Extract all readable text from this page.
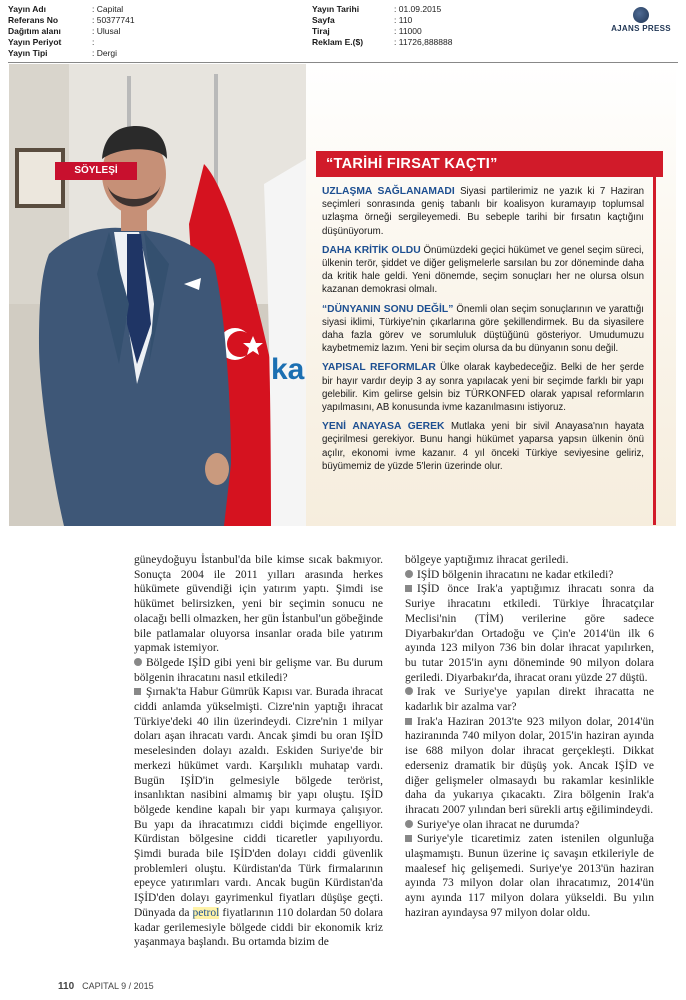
Yayın Adı	: Capital
Referans No	: 50377741
Dağıtım alanı	: Ulusal
Yayın Periyot	:
Yayın Tipi	: Dergi
Yayın Tarihi	: 01.09.2015
Sayfa	: 110
Tiraj	: 11000
Reklam E.($)	: 11726,888888
AJANS PRESS
ka
SÖYLEŞİ	“TARİHİ FIRSAT KAÇTI”

UZLAŞMA SAĞLANAMADI Siyasi partilerimiz ne yazık ki 7 Haziran seçimleri sonrasında geniş tabanlı bir koalisyon kuramayıp toplumsal uzlaşma örneği sergileyemedi. Bu sebeple tarihi bir fırsatın kaçtığını düşünüyorum.

DAHA KRİTİK OLDU Önümüzdeki geçici hükümet ve genel seçim süreci, ülkenin terör, şiddet ve diğer gelişmelerle sarsılan bu zor döneminde daha da kritik hale geldi. Yeni dönemde, seçim sonuçları her ne olursa olsun kazanan demokrasi olmalı.

“DÜNYANIN SONU DEĞİL” Önemli olan seçim sonuçlarının ve yarattığı siyasi iklimi, Türkiye'nin çıkarlarına göre şekillendirmek. Bu da siyasilere daha fazla görev ve sorumluluk düştüğünü gösteriyor. Umudumuzu kaybetmemiz lazım. Yeni bir seçim olursa da bu dünyanın sonu değil.

YAPISAL REFORMLAR Ülke olarak kaybedeceğiz. Belki de her şerde bir hayır vardır deyip 3 ay sonra yapılacak yeni bir seçimde farklı bir yapı gelebilir. Kim gelirse gelsin biz TÜRKONFED olarak yapısal reformların yapılmasını, AB konusunda ivme kazanılmasını istiyoruz.

YENİ ANAYASA GEREK Mutlaka yeni bir sivil Anayasa'nın hayata geçirilmesi gerekiyor. Bunu hangi hükümet yaparsa yapsın ülkenin önü açılır, ekonomi ivme kazanır. 4 yıl önceki Türkiye seviyesine geliriz, büyümemiz de yüzde 5'lerin üzerinde olur.

güneydoğuyu İstanbul'da bile kimse sıcak bakmıyor. Sonuçta 2004 ile 2011 yılları arasında herkes hükümete güvendiği için yatırım yaptı. Şimdi ise hükümet belirsizken, yeni bir seçimin sonucu ne olacağı belli olmazken, her gün İstanbul'un göbeğinde bile patlamalar oluyorsa insanlar orada bile yatırım yapmak istemiyor.

Bölgede IŞİD gibi yeni bir gelişme var. Bu durum bölgenin ihracatını nasıl etkiledi?

Şırnak'ta Habur Gümrük Kapısı var. Burada ihracat ciddi anlamda yükselmişti. Cizre'nin yaptığı ihracat Türkiye'deki 40 ilin üzerindeydi. Cizre'nin 1 milyar doları aşan ihracatı vardı. Ancak şimdi bu oran IŞİD meselesinden dolayı azaldı. Eskiden Suriye'de bir merkezi hükümet vardı. Karşılıklı muhatap vardı. Bugün IŞİD'in gelmesiyle bölgede terörist, insanlıktan nasibini almamış bir yapı oluştu. IŞİD bölgede kendine kapalı bir yapı kurmaya çalışıyor. Bu yapı da ihracatımızı ciddi biçimde engelliyor. Kürdistan bölgesine ciddi ticaretler yapılıyordu. Şimdi burada bile IŞİD'den dolayı ciddi güvenlik problemleri oluştu. Kürdistan'da Türk firmalarının epeyce yatırımları vardı. Ancak bugün Kürdistan'da IŞİD'den dolayı gayrimenkul fiyatları düşüşe geçti. Dünyada da petrol fiyatlarının 110 dolardan 50 dolara kadar gerilemesiyle bölgede ciddi bir ekonomik kriz yaşanmaya başlandı. Bu ortamda bizim de

bölgeye yaptığımız ihracat geriledi.

IŞİD bölgenin ihracatını ne kadar etkiledi?

IŞİD önce Irak'a yaptığımız ihracatı sonra da Suriye ihracatını etkiledi. Türkiye İhracatçılar Meclisi'nin (TİM) verilerine göre sadece Diyarbakır'dan Ortadoğu ve Çin'e 2014'ün ilk 6 ayında 123 milyon 736 bin dolar ihracat yapılırken, bu tutar 2015'in aynı döneminde 90 milyon dolara geriledi. Diyarbakır'da, ihracat oranı yüzde 27 düştü.

Irak ve Suriye'ye yapılan direkt ihracatta ne kadarlık bir azalma var?

Irak'a Haziran 2013'te 923 milyon dolar, 2014'ün haziranında 740 milyon dolar, 2015'in haziran ayında ise 688 milyon dolar ihracat gerçekleşti. Dikkat ederseniz dramatik bir düşüş yok. Ancak IŞİD ve diğer gelişmeler olmasaydı bu rakamlar kesinlikle daha da yukarıya çıkacaktı. Zira bölgenin Irak'a ihracatı 2007 yılından beri sürekli artış eğilimindeydi.

Suriye'ye olan ihracat ne durumda?

Suriye'yle ticaretimiz zaten istenilen olgunluğa ulaşmamıştı. Bunun üzerine iç savaşın etkileriyle de maalesef hiç gelişemedi. Suriye'ye 2013'ün haziran ayında 73 milyon dolar olan ihracatımız, 2014'ün aynı ayında 117 milyon dolara yükseldi. Bu yılın haziran ayındaysa 97 milyon dolar oldu.

110 CAPITAL 9 / 2015
